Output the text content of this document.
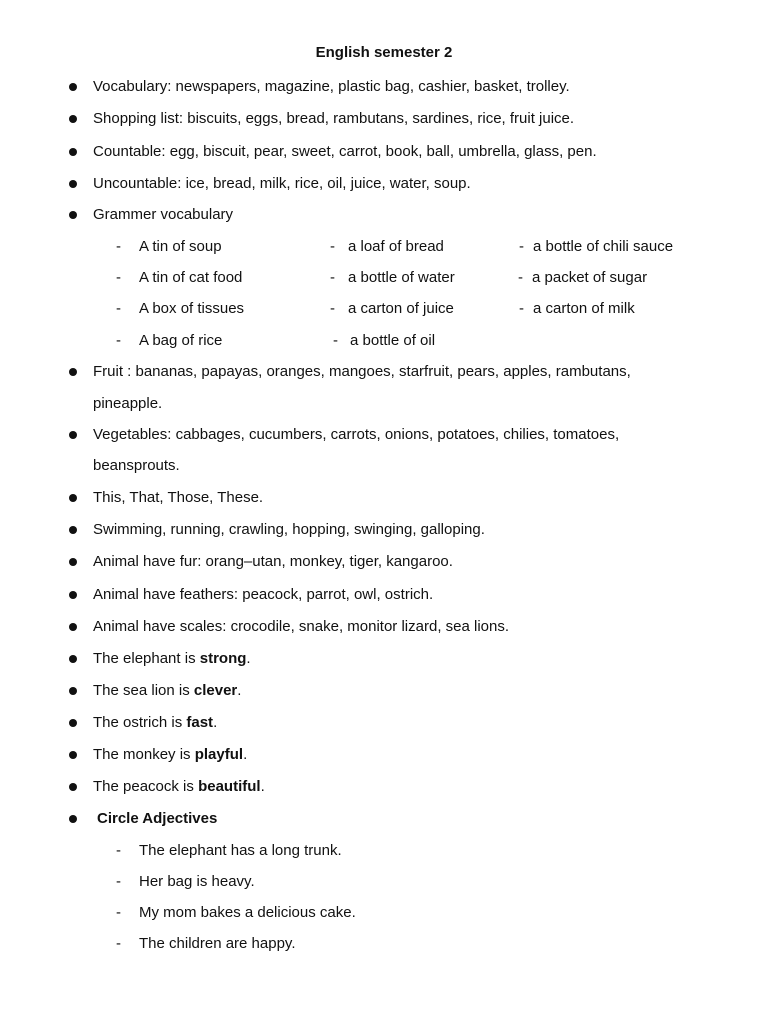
English semester 2
Vocabulary: newspapers, magazine, plastic bag, cashier, basket, trolley.
Shopping list: biscuits, eggs, bread, rambutans, sardines, rice, fruit juice.
Countable: egg, biscuit, pear, sweet, carrot, book, ball, umbrella, glass, pen.
Uncountable: ice, bread, milk, rice, oil, juice, water, soup.
Grammer vocabulary
- A tin of soup	- a loaf of bread	- a bottle of chili sauce
- A tin of cat food	- a bottle of water	- a packet of sugar
- A box of tissues	- a carton of juice	- a carton of milk
- A bag of rice	- a bottle of oil
Fruit : bananas, papayas, oranges, mangoes, starfruit, pears, apples, rambutans,
pineapple.
Vegetables: cabbages, cucumbers, carrots, onions, potatoes, chilies, tomatoes,
beansprouts.
This, That, Those, These.
Swimming, running, crawling, hopping, swinging, galloping.
Animal have fur: orang–utan, monkey, tiger, kangaroo.
Animal have feathers: peacock, parrot, owl, ostrich.
Animal have scales: crocodile, snake, monitor lizard, sea lions.
The elephant is strong.
The sea lion is clever.
The ostrich is fast.
The monkey is playful.
The peacock is beautiful.
Circle Adjectives
- The elephant has a long trunk.
- Her bag is heavy.
- My mom bakes a delicious cake.
- The children are happy.
